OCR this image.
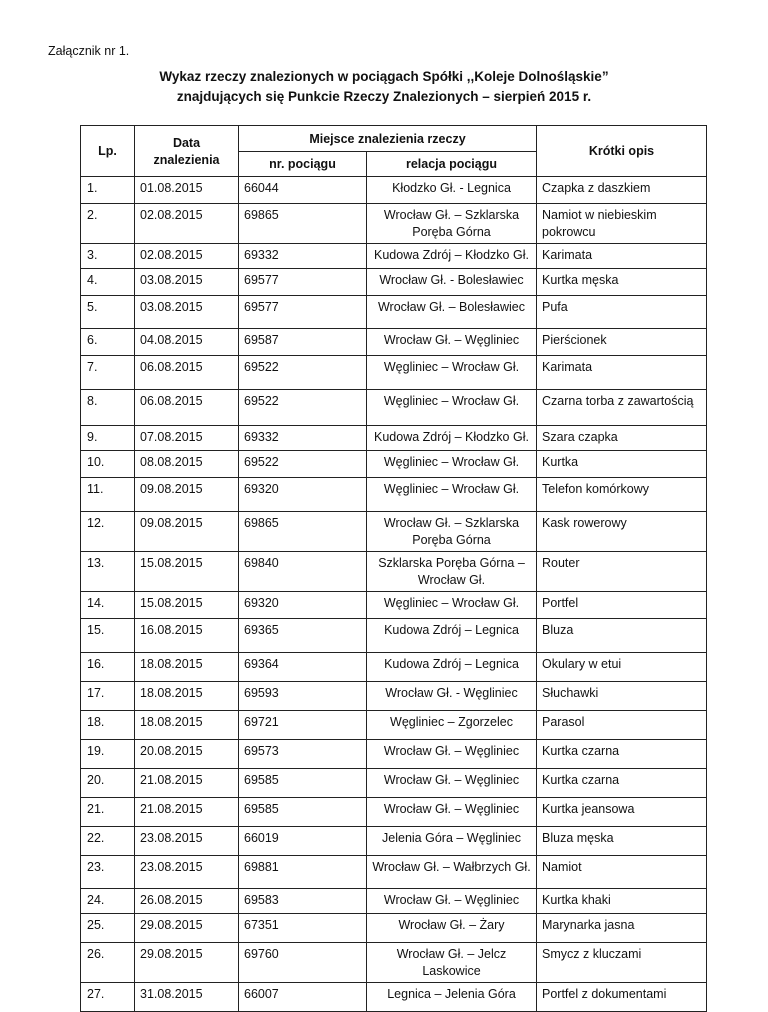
Załącznik nr 1.
Wykaz rzeczy znalezionych w pociągach Spółki ,,Koleje Dolnośląskie”
znajdujących się Punkcie Rzeczy Znalezionych – sierpień 2015 r.
Lp.	Data znalezienia	Miejsce znalezienia rzeczy		Krótki opis
		nr. pociągu	relacja pociągu	
1.	01.08.2015	66044	Kłodzko Gł. - Legnica	Czapka z daszkiem
2.	02.08.2015	69865	Wrocław Gł. – Szklarska Poręba Górna	Namiot w niebieskim pokrowcu
3.	02.08.2015	69332	Kudowa Zdrój – Kłodzko Gł.	Karimata
4.	03.08.2015	69577	Wrocław Gł. - Bolesławiec	Kurtka męska
5.	03.08.2015	69577	Wrocław Gł. – Bolesławiec	Pufa
6.	04.08.2015	69587	Wrocław Gł. – Węgliniec	Pierścionek
7.	06.08.2015	69522	Węgliniec – Wrocław Gł.	Karimata
8.	06.08.2015	69522	Węgliniec – Wrocław Gł.	Czarna torba z zawartością
9.	07.08.2015	69332	Kudowa Zdrój – Kłodzko Gł.	Szara czapka
10.	08.08.2015	69522	Węgliniec – Wrocław Gł.	Kurtka
11.	09.08.2015	69320	Węgliniec – Wrocław Gł.	Telefon komórkowy
12.	09.08.2015	69865	Wrocław Gł. – Szklarska Poręba Górna	Kask rowerowy
13.	15.08.2015	69840	Szklarska Poręba Górna – Wrocław Gł.	Router
14.	15.08.2015	69320	Węgliniec – Wrocław Gł.	Portfel
15.	16.08.2015	69365	Kudowa Zdrój – Legnica	Bluza
16.	18.08.2015	69364	Kudowa Zdrój – Legnica	Okulary w etui
17.	18.08.2015	69593	Wrocław Gł. - Węgliniec	Słuchawki
18.	18.08.2015	69721	Węgliniec – Zgorzelec	Parasol
19.	20.08.2015	69573	Wrocław Gł. – Węgliniec	Kurtka czarna
20.	21.08.2015	69585	Wrocław Gł. – Węgliniec	Kurtka czarna
21.	21.08.2015	69585	Wrocław Gł. – Węgliniec	Kurtka jeansowa
22.	23.08.2015	66019	Jelenia Góra – Węgliniec	Bluza męska
23.	23.08.2015	69881	Wrocław Gł. – Wałbrzych Gł.	Namiot
24.	26.08.2015	69583	Wrocław Gł. – Węgliniec	Kurtka khaki
25.	29.08.2015	67351	Wrocław Gł. – Żary	Marynarka jasna
26.	29.08.2015	69760	Wrocław Gł. – Jelcz Laskowice	Smycz z kluczami
27.	31.08.2015	66007	Legnica – Jelenia Góra	Portfel z dokumentami
